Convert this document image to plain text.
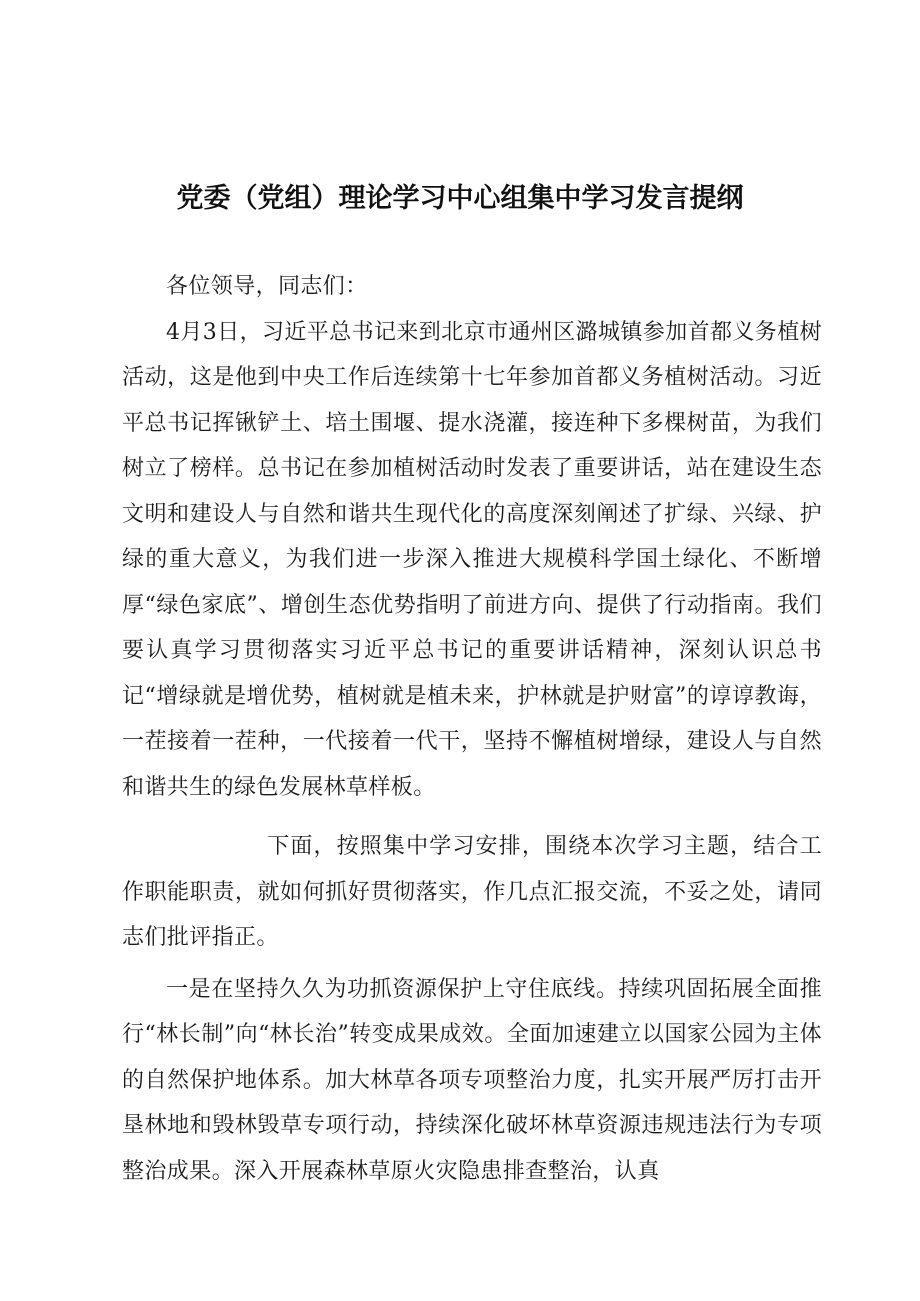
党委（党组）理论学习中心组集中学习发言提纲

各位领导，同志们：

4月3日，习近平总书记来到北京市通州区潞城镇参加首都义务植树活动，这是他到中央工作后连续第十七年参加首都义务植树活动。习近平总书记挥锹铲土、培土围堰、提水浇灌，接连种下多棵树苗，为我们树立了榜样。总书记在参加植树活动时发表了重要讲话，站在建设生态文明和建设人与自然和谐共生现代化的高度深刻阐述了扩绿、兴绿、护绿的重大意义，为我们进一步深入推进大规模科学国土绿化、不断增厚“绿色家底”、增创生态优势指明了前进方向、提供了行动指南。我们要认真学习贯彻落实习近平总书记的重要讲话精神，深刻认识总书记“增绿就是增优势，植树就是植未来，护林就是护财富”的谆谆教诲，一茬接着一茬种，一代接着一代干，坚持不懈植树增绿，建设人与自然和谐共生的绿色发展林草样板。

下面，按照集中学习安排，围绕本次学习主题，结合工作职能职责，就如何抓好贯彻落实，作几点汇报交流，不妥之处，请同志们批评指正。

一是在坚持久久为功抓资源保护上守住底线。持续巩固拓展全面推行“林长制”向“林长治”转变成果成效。全面加速建立以国家公园为主体的自然保护地体系。加大林草各项专项整治力度，扎实开展严厉打击开垦林地和毁林毁草专项行动，持续深化破坏林草资源违规违法行为专项整治成果。深入开展森林草原火灾隐患排查整治，认真
